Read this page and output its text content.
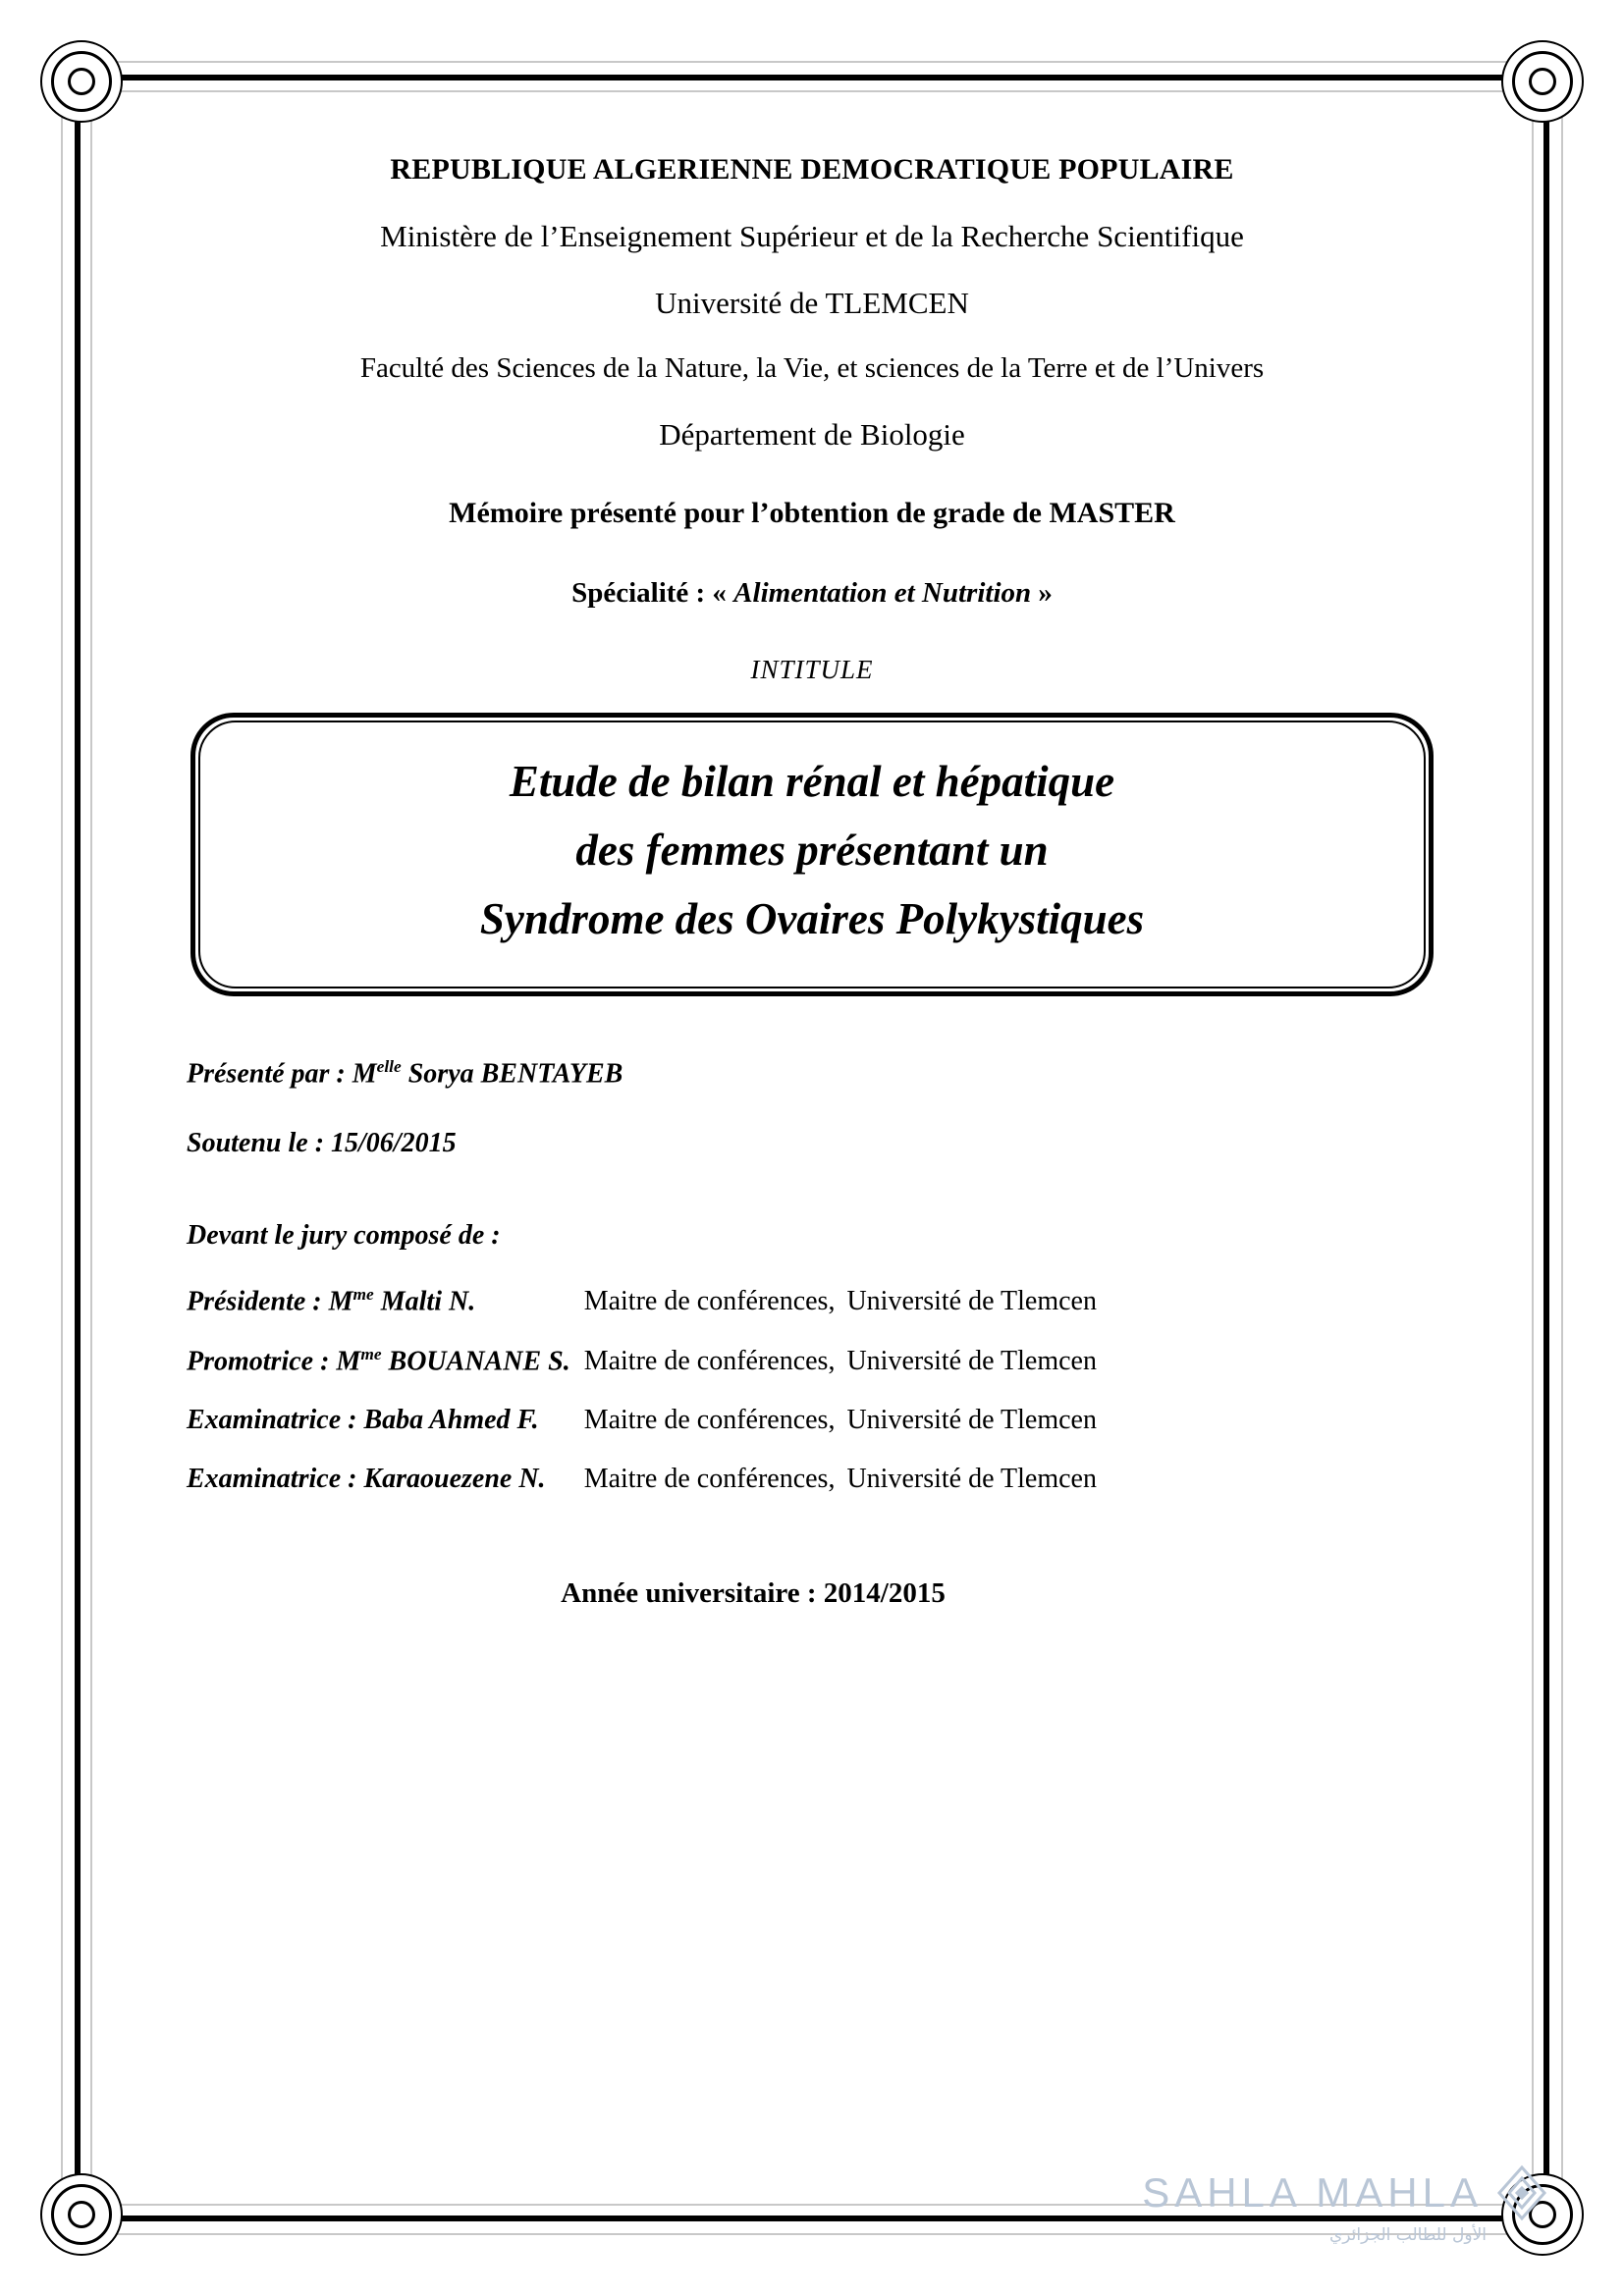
REPUBLIQUE ALGERIENNE DEMOCRATIQUE POPULAIRE
Ministère de l’Enseignement Supérieur et de la Recherche Scientifique
Université de TLEMCEN
Faculté des Sciences de la Nature, la Vie, et sciences de la Terre et de l’Univers
Département de Biologie
Mémoire présenté pour l’obtention de grade de MASTER
Spécialité : « Alimentation et Nutrition »
INTITULE
Etude de bilan rénal et hépatique
des femmes présentant un
Syndrome des Ovaires Polykystiques
Présenté par : $M^{elle}$ Sorya BENTAYEB
Soutenu le : 15/06/2015
Devant le jury composé de :
Présidente : $M^{me}$ Malti N.	Maitre de conférences,	Université de Tlemcen
Promotrice : $M^{me}$ BOUANANE S.	Maitre de conférences,	Université de Tlemcen
Examinatrice : Baba Ahmed F.	Maitre de conférences,	Université de Tlemcen
Examinatrice : Karaouezene N.	Maitre de conférences,	Université de Tlemcen
Année universitaire : 2014/2015
SAHLA MAHLA
الأول للطالب الجزائري
